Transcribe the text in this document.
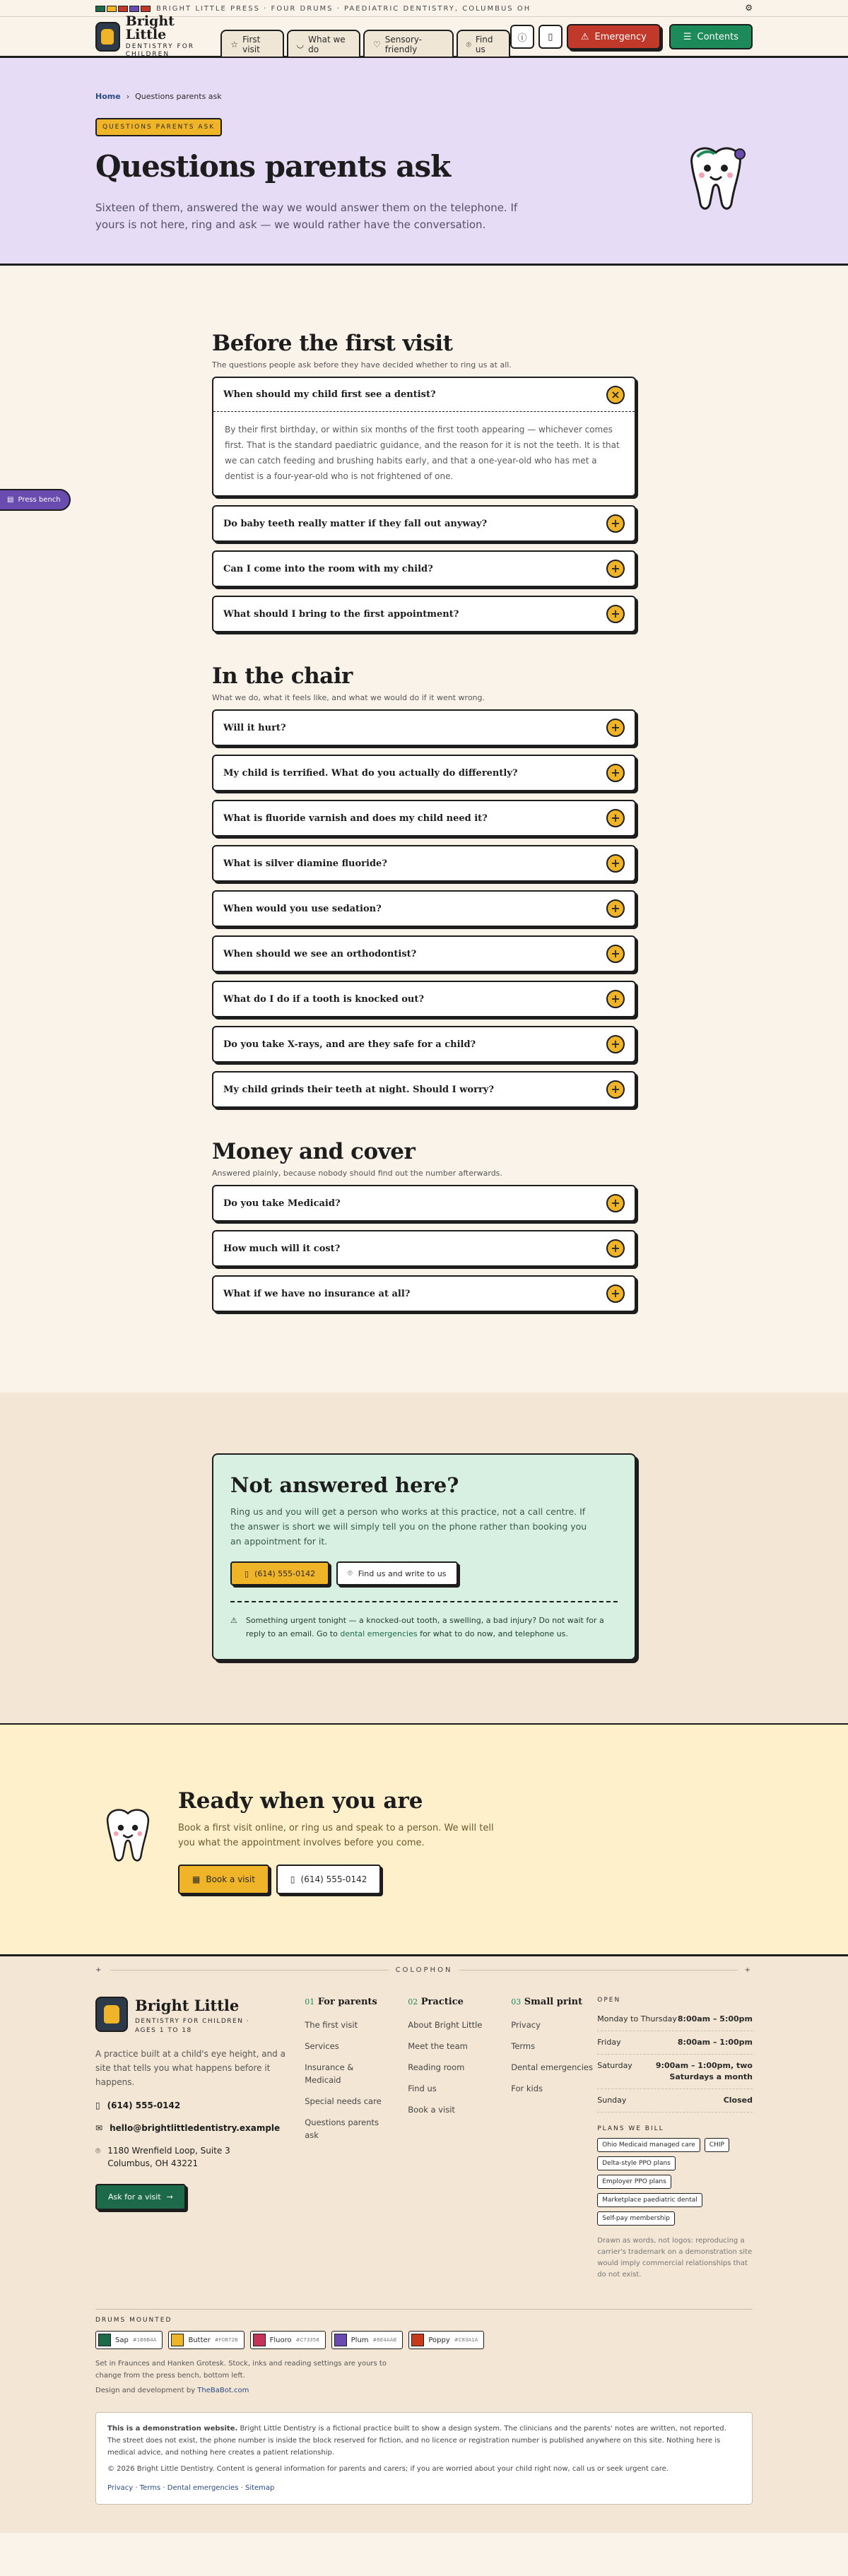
BRIGHT LITTLE PRESS · FOUR DRUMS · PAEDIATRIC DENTISTRY, COLUMBUS OH	⚙
Bright Little
DENTISTRY FOR CHILDREN
☆ First visit	◡ What we do	♡ Sensory-friendly
⌾ Find us
ⓘ	▯	⚠ Emergency	☰ Contents
Home › Questions parents ask
QUESTIONS PARENTS ASK
Questions parents ask
Sixteen of them, answered the way we would answer them on the telephone. If yours is not here, ring and ask — we would rather have the conversation.
▤ Press bench
Before the first visit
The questions people ask before they have decided whether to ring us at all.
When should my child first see a dentist?	×
By their first birthday, or within six months of the first tooth appearing — whichever comes first. That is the standard paediatric guidance, and the reason for it is not the teeth. It is that we can catch feeding and brushing habits early, and that a one-year-old who has met a dentist is a four-year-old who is not frightened of one.
Do baby teeth really matter if they fall out anyway?	+
Can I come into the room with my child?	+
What should I bring to the first appointment?	+
In the chair
What we do, what it feels like, and what we would do if it went wrong.
Will it hurt?	+
My child is terrified. What do you actually do differently?	+
What is fluoride varnish and does my child need it?	+
What is silver diamine fluoride?	+
When would you use sedation?	+
When should we see an orthodontist?	+
What do I do if a tooth is knocked out?	+
Do you take X-rays, and are they safe for a child?	+
My child grinds their teeth at night. Should I worry?	+
Money and cover
Answered plainly, because nobody should find out the number afterwards.
Do you take Medicaid?	+
How much will it cost?	+
What if we have no insurance at all?	+
Not answered here?

Ring us and you will get a person who works at this practice, not a call centre. If the answer is short we will simply tell you on the phone rather than booking you an appointment for it.

▯ (614) 555-0142	⌾ Find us and write to us
⚠ Something urgent tonight — a knocked-out tooth, a swelling, a bad injury? Do not wait for a reply to an email. Go to dental emergencies for what to do now, and telephone us.
Ready when you are

Book a first visit online, or ring us and speak to a person. We will tell you what the appointment involves before you come.

▦ Book a visit	▯ (614) 555-0142
+	COLOPHON	+
Bright Little
DENTISTRY FOR CHILDREN · AGES 1 TO 18

A practice built at a child's eye height, and a site that tells you what happens before it happens.

▯ (614) 555-0142
✉ hello@brightlittledentistry.example
⌾ 1180 Wrenfield Loop, Suite 3 Columbus, OH 43221
Ask for a visit →
01 For parents
The first visit
Services
Insurance & Medicaid
Special needs care
Questions parents ask
02 Practice
About Bright Little
Meet the team
Reading room
Find us
Book a visit
03 Small print
Privacy
Terms
Dental emergencies
For kids
OPEN
Monday to Thursday 8:00am – 5:00pm
Friday	8:00am – 1:00pm
Saturday	9:00am – 1:00pm, two Saturdays a month
Sunday	Closed
PLANS WE BILL
Ohio Medicaid managed care	CHIP
Delta-style PPO plans
Employer PPO plans
Marketplace paediatric dental
Self-pay membership
Drawn as words, not logos: reproducing a carrier's trademark on a demonstration site would imply commercial relationships that do not exist.
DRUMS MOUNTED
Sap #1B6B4A	Butter #F0B72B	Fluoro #C73358	Plum #6E4AAB	Poppy #C83A1A
Set in Fraunces and Hanken Grotesk. Stock, inks and reading settings are yours to change from the press bench, bottom left.
Design and development by TheBaBot.com
This is a demonstration website. Bright Little Dentistry is a fictional practice built to show a design system. The clinicians and the parents' notes are written, not reported. The street does not exist, the phone number is inside the block reserved for fiction, and no licence or registration number is published anywhere on this site. Nothing here is medical advice, and nothing here creates a patient relationship.
© 2026 Bright Little Dentistry. Content is general information for parents and carers; if you are worried about your child right now, call us or seek urgent care.
Privacy · Terms · Dental emergencies · Sitemap
